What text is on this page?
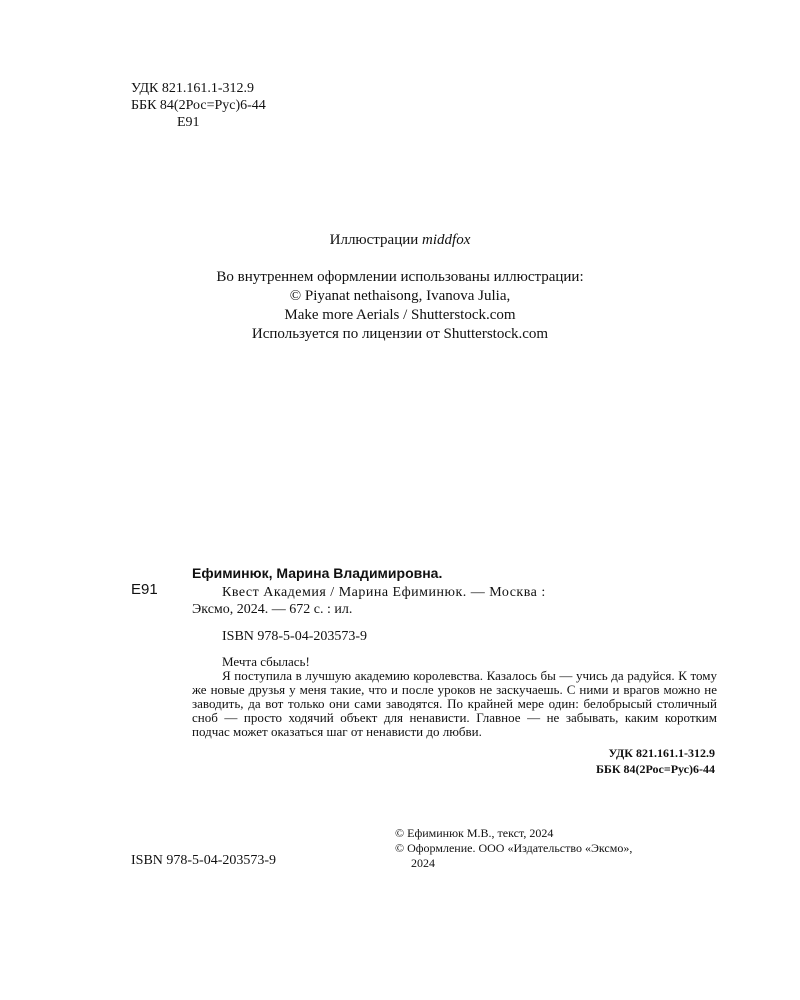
УДК 821.161.1-312.9
ББК 84(2Рос=Рус)6-44
Е91
Иллюстрации middfox
Во внутреннем оформлении использованы иллюстрации:
© Piyanat nethaisong, Ivanova Julia,
Make more Aerials / Shutterstock.com
Используется по лицензии от Shutterstock.com
Е91
Ефиминюк, Марина Владимировна.
Квест Академия / Марина Ефиминюк. — Москва :
Эксмо, 2024. — 672 с. : ил.
ISBN 978-5-04-203573-9
Мечта сбылась!

Я поступила в лучшую академию королевства. Казалось бы — учись да радуйся. К тому же новые друзья у меня такие, что и после уроков не заскучаешь. С ними и врагов можно не заводить, да вот только они сами заводятся. По крайней мере один: белобрысый столичный сноб — просто ходячий объект для ненависти. Главное — не забывать, каким коротким подчас может оказаться шаг от ненависти до любви.

УДК 821.161.1-312.9
ББК 84(2Рос=Рус)6-44
ISBN 978-5-04-203573-9
© Ефиминюк М.В., текст, 2024
© Оформление. ООО «Издательство «Эксмо»,
2024
